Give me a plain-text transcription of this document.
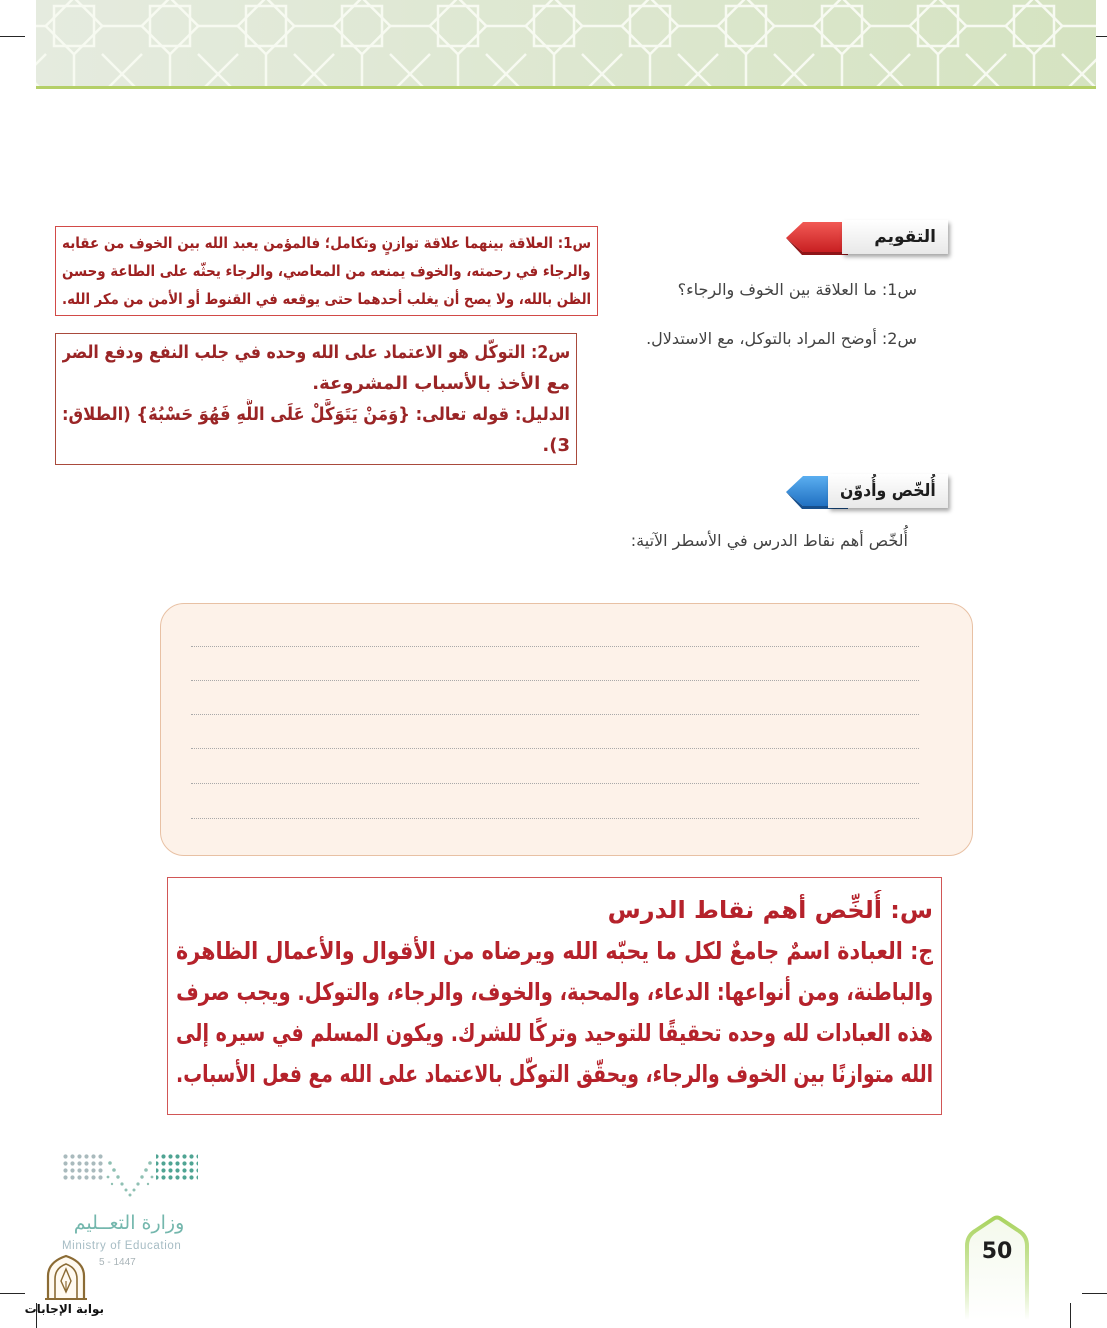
التقويم
س1: ما العلاقة بين الخوف والرجاء؟
س2: أوضح المراد بالتوكل، مع الاستدلال.
س1: العلاقة بينهما علاقة توازنٍ وتكامل؛ فالمؤمن يعبد الله بين الخوف من عقابه
والرجاء في رحمته، والخوف يمنعه من المعاصي، والرجاء يحثّه على الطاعة وحسن
الظن بالله، ولا يصح أن يغلب أحدهما حتى يوقعه في القنوط أو الأمن من مكر الله.
س2: التوكّل هو الاعتماد على الله وحده في جلب النفع ودفع الضر
مع الأخذ بالأسباب المشروعة.
الدليل: قوله تعالى: {وَمَنْ يَتَوَكَّلْ عَلَى اللَّهِ فَهُوَ حَسْبُهُ} (الطلاق:
3).
أُلخّص وأُدوّن
أُلخّص أهم نقاط الدرس في الأسطر الآتية:
س: أُلخِّص أهم نقاط الدرس
ج: العبادة اسمٌ جامعٌ لكل ما يحبّه الله ويرضاه من الأقوال والأعمال الظاهرة
والباطنة، ومن أنواعها: الدعاء، والمحبة، والخوف، والرجاء، والتوكل. ويجب صرف
هذه العبادات لله وحده تحقيقًا للتوحيد وتركًا للشرك. ويكون المسلم في سيره إلى
الله متوازنًا بين الخوف والرجاء، ويحقّق التوكّل بالاعتماد على الله مع فعل الأسباب.
وزارة التعــليم
Ministry of Education
5 - 1447
بوابة الإجابات
50
